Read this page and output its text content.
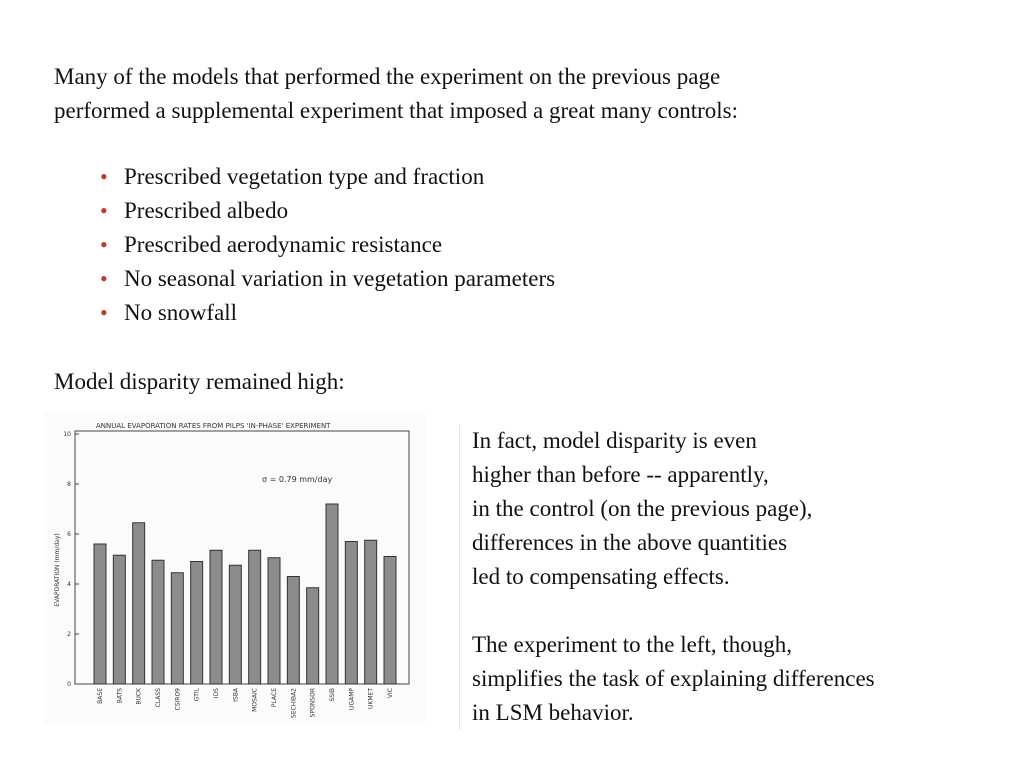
Many of the models that performed the experiment on the previous page
performed a supplemental experiment that imposed a great many controls:

• Prescribed vegetation type and fraction
• Prescribed albedo
• Prescribed aerodynamic resistance
• No seasonal variation in vegetation parameters
• No snowfall

Model disparity remained high:

ANNUAL EVAPORATION RATES FROM PILPS 'IN-PHASE' EXPERIMENT
EVAPORATION (mm/day)
σ = 0.79 mm/day
0
2
4
6
8
10
BASE BATS BUCK CLASS CSIRO9 GTIL IDS ISBA MOSAIC PLACE SECHIBA2 SPONSOR SSIB UGAMP UKMET VIC

In fact, model disparity is even

higher than before -- apparently,

in the control (on the previous page),

differences in the above quantities

led to compensating effects.

The experiment to the left, though,

simplifies the task of explaining differences

in LSM behavior.
